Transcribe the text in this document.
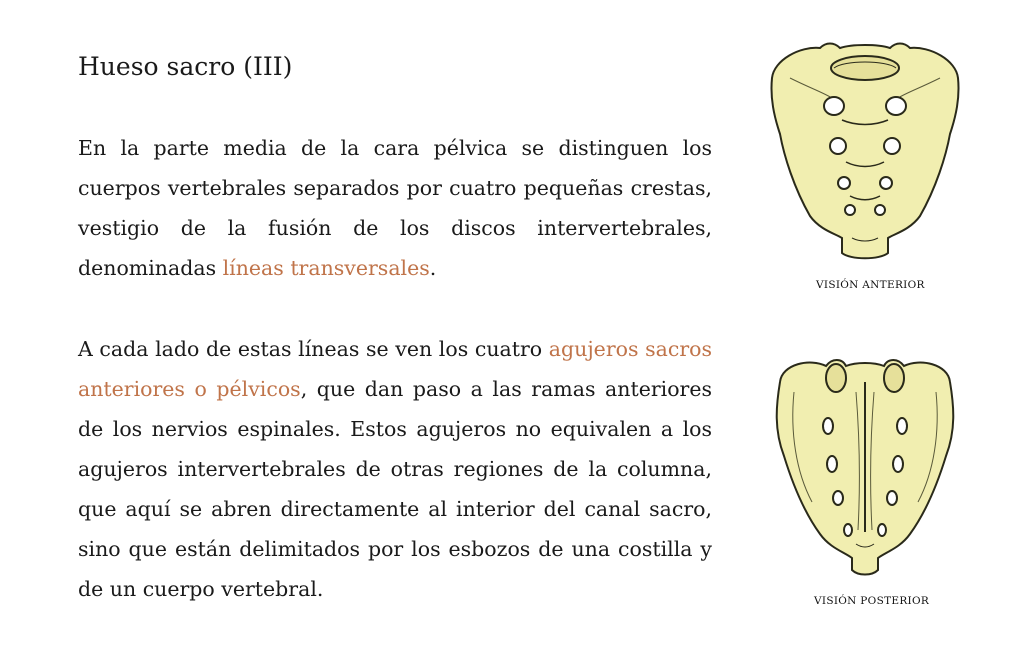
Hueso sacro (III)

En la parte media de la cara pélvica se distinguen los cuerpos vertebrales separados por cuatro pequeñas crestas, vestigio de la fusión de los discos intervertebrales, denominadas líneas transversales.

A cada lado de estas líneas se ven los cuatro agujeros sacros anteriores o pélvicos, que dan paso a las ramas anteriores de los nervios espinales. Estos agujeros no equivalen a los agujeros intervertebrales de otras regiones de la columna, que aquí se abren directamente al interior del canal sacro, sino que están delimitados por los esbozos de una costilla y de un cuerpo vertebral.

VISIÓN ANTERIOR
VISIÓN POSTERIOR
